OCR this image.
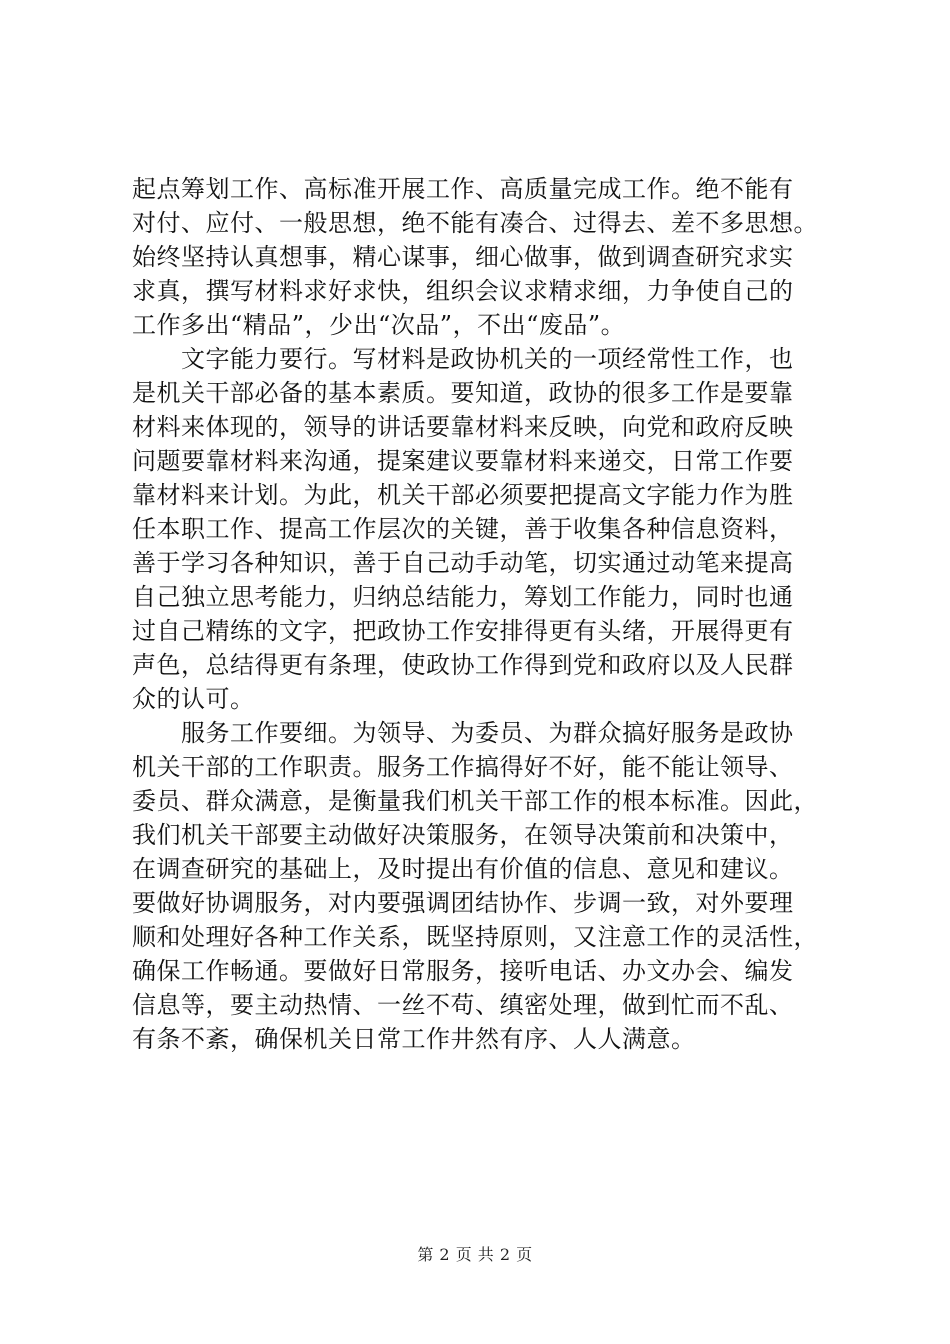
起点筹划工作、高标准开展工作、高质量完成工作。绝不能有
对付、应付、一般思想，绝不能有凑合、过得去、差不多思想。
始终坚持认真想事，精心谋事，细心做事，做到调查研究求实
求真，撰写材料求好求快，组织会议求精求细，力争使自己的
工作多出“精品”，少出“次品”，不出“废品”。
　　文字能力要行。写材料是政协机关的一项经常性工作，也
是机关干部必备的基本素质。要知道，政协的很多工作是要靠
材料来体现的，领导的讲话要靠材料来反映，向党和政府反映
问题要靠材料来沟通，提案建议要靠材料来递交，日常工作要
靠材料来计划。为此，机关干部必须要把提高文字能力作为胜
任本职工作、提高工作层次的关键，善于收集各种信息资料，
善于学习各种知识，善于自己动手动笔，切实通过动笔来提高
自己独立思考能力，归纳总结能力，筹划工作能力，同时也通
过自己精练的文字，把政协工作安排得更有头绪，开展得更有
声色，总结得更有条理，使政协工作得到党和政府以及人民群
众的认可。
　　服务工作要细。为领导、为委员、为群众搞好服务是政协
机关干部的工作职责。服务工作搞得好不好，能不能让领导、
委员、群众满意，是衡量我们机关干部工作的根本标准。因此，
我们机关干部要主动做好决策服务，在领导决策前和决策中，
在调查研究的基础上，及时提出有价值的信息、意见和建议。
要做好协调服务，对内要强调团结协作、步调一致，对外要理
顺和处理好各种工作关系，既坚持原则，又注意工作的灵活性，
确保工作畅通。要做好日常服务，接听电话、办文办会、编发
信息等，要主动热情、一丝不苟、缜密处理，做到忙而不乱、
有条不紊，确保机关日常工作井然有序、人人满意。
第 2 页 共 2 页
